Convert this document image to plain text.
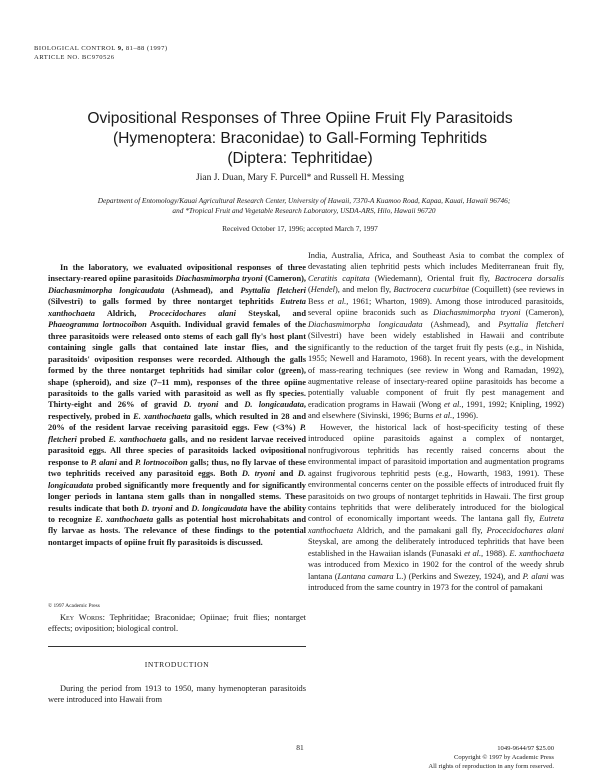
BIOLOGICAL CONTROL 9, 81–88 (1997)
ARTICLE NO. BC970526
Ovipositional Responses of Three Opiine Fruit Fly Parasitoids
(Hymenoptera: Braconidae) to Gall-Forming Tephritids
(Diptera: Tephritidae)
Jian J. Duan, Mary F. Purcell* and Russell H. Messing
Department of Entomology/Kauai Agricultural Research Center, University of Hawaii, 7370-A Kuamoo Road, Kapaa, Kauai, Hawaii 96746;
and *Tropical Fruit and Vegetable Research Laboratory, USDA-ARS, Hilo, Hawaii 96720
Received October 17, 1996; accepted March 7, 1997
In the laboratory, we evaluated ovipositional responses of three insectary-reared opiine parasitoids Diachasmimorpha tryoni (Cameron), Diachasmimorpha longicaudata (Ashmead), and Psyttalia fletcheri (Silvestri) to galls formed by three nontarget tephritids Eutreta xanthochaeta Aldrich, Procecidochares alani Steyskal, and Phaeogramma lortnocoibon Asquith. Individual gravid females of the three parasitoids were released onto stems of each gall fly's host plant containing single galls that contained late instar flies, and the parasitoids' oviposition responses were recorded. Although the galls formed by the three nontarget tephritids had similar color (green), shape (spheroid), and size (7–11 mm), responses of the three opiine parasitoids to the galls varied with parasitoid as well as fly species. Thirty-eight and 26% of gravid D. tryoni and D. longicaudata, respectively, probed in E. xanthochaeta galls, which resulted in 28 and 20% of the resident larvae receiving parasitoid eggs. Few (<3%) P. fletcheri probed E. xanthochaeta galls, and no resident larvae received parasitoid eggs. All three species of parasitoids lacked ovipositional response to P. alani and P. lortnocoibon galls; thus, no fly larvae of these two tephritids received any parasitoid eggs. Both D. tryoni and D. longicaudata probed significantly more frequently and for significantly longer periods in lantana stem galls than in nongalled stems. These results indicate that both D. tryoni and D. longicaudata have the ability to recognize E. xanthochaeta galls as potential host microhabitats and fly larvae as hosts. The relevance of these findings to the potential nontarget impacts of opiine fruit fly parasitoids is discussed.
© 1997 Academic Press
Key Words: Tephritidae; Braconidae; Opiinae; fruit flies; nontarget effects; oviposition; biological control.
INTRODUCTION
During the period from 1913 to 1950, many hymenopteran parasitoids were introduced into Hawaii from

India, Australia, Africa, and Southeast Asia to combat the complex of devastating alien tephritid pests which includes Mediterranean fruit fly, Ceratitis capitata (Wiedemann), Oriental fruit fly, Bactrocera dorsalis (Hendel), and melon fly, Bactrocera cucurbitae (Coquillett) (see reviews in Bess et al., 1961; Wharton, 1989). Among those introduced parasitoids, several opiine braconids such as Diachasmimorpha tryoni (Cameron), Diachasmimorpha longicaudata (Ashmead), and Psyttalia fletcheri (Silvestri) have been widely established in Hawaii and contribute significantly to the reduction of the target fruit fly pests (e.g., in Nishida, 1955; Newell and Haramoto, 1968). In recent years, with the development of mass-rearing techniques (see review in Wong and Ramadan, 1992), augmentative release of insectary-reared opiine parasitoids has become a potentially valuable component of fruit fly pest management and eradication programs in Hawaii (Wong et al., 1991, 1992; Knipling, 1992) and elsewhere (Sivinski, 1996; Burns et al., 1996).

However, the historical lack of host-specificity testing of these introduced opiine parasitoids against a complex of nontarget, nonfrugivorous tephritids has recently raised concerns about the environmental impact of parasitoid importation and augmentation programs against frugivorous tephritid pests (e.g., Howarth, 1983, 1991). These environmental concerns center on the possible effects of introduced fruit fly parasitoids on two groups of nontarget tephritids in Hawaii. The first group contains tephritids that were deliberately introduced for the biological control of economically important weeds. The lantana gall fly, Eutreta xanthochaeta Aldrich, and the pamakani gall fly, Procecidochares alani Steyskal, are among the deliberately introduced tephritids that have been established in the Hawaiian islands (Funasaki et al., 1988). E. xanthochaeta was introduced from Mexico in 1902 for the control of the weedy shrub lantana (Lantana camara L.) (Perkins and Swezey, 1924), and P. alani was introduced from the same country in 1973 for the control of pamakani

81	1049-9644/97 $25.00
Copyright © 1997 by Academic Press
All rights of reproduction in any form reserved.
